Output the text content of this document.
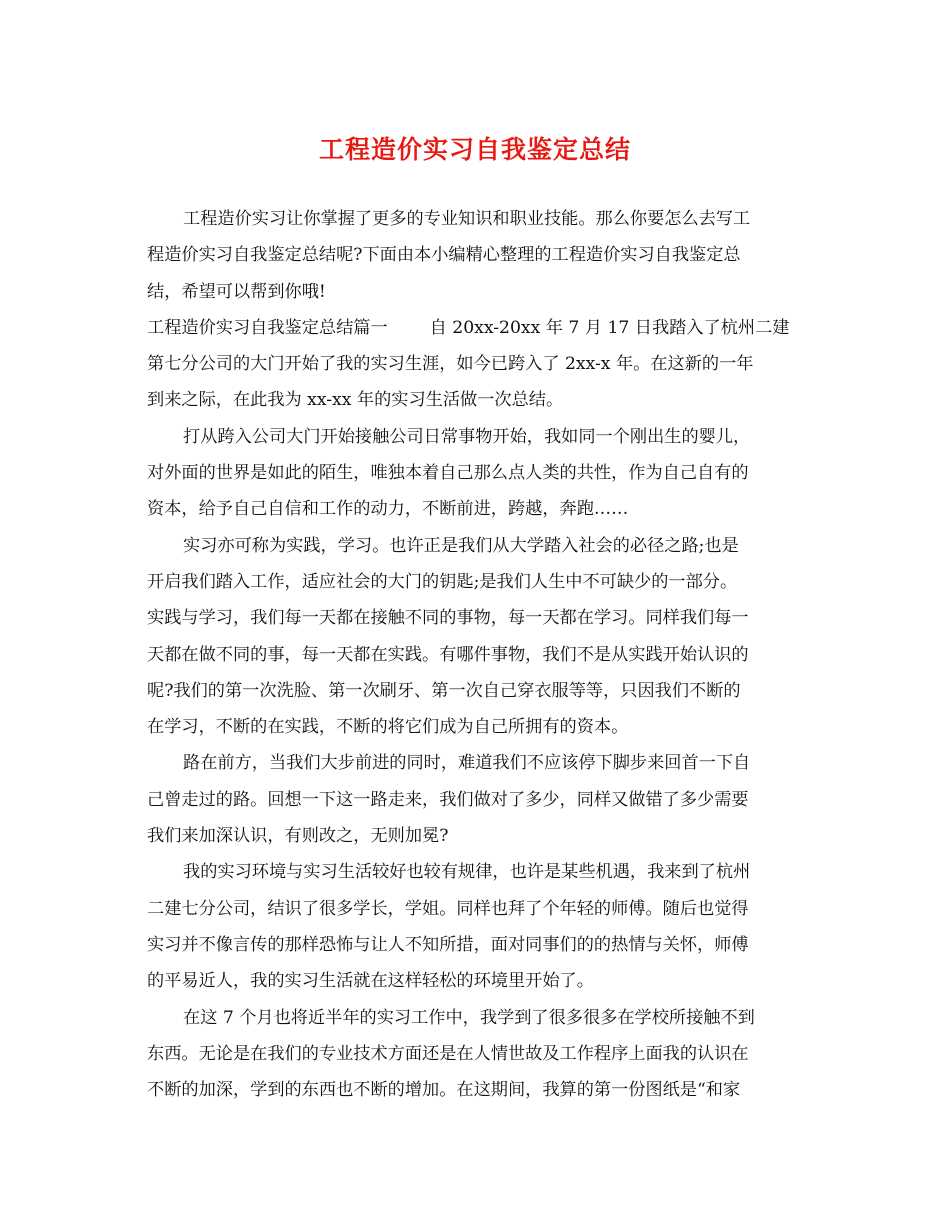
工程造价实习自我鉴定总结
工程造价实习让你掌握了更多的专业知识和职业技能。那么你要怎么去写工
程造价实习自我鉴定总结呢?下面由本小编精心整理的工程造价实习自我鉴定总
结，希望可以帮到你哦!
工程造价实习自我鉴定总结篇一 自 20xx-20xx 年 7 月 17 日我踏入了杭州二建
第七分公司的大门开始了我的实习生涯，如今已跨入了 2xx-x 年。在这新的一年
到来之际，在此我为 xx-xx 年的实习生活做一次总结。
打从跨入公司大门开始接触公司日常事物开始，我如同一个刚出生的婴儿，
对外面的世界是如此的陌生，唯独本着自己那么点人类的共性，作为自己自有的
资本，给予自己自信和工作的动力，不断前进，跨越，奔跑……
实习亦可称为实践，学习。也许正是我们从大学踏入社会的必径之路;也是
开启我们踏入工作，适应社会的大门的钥匙;是我们人生中不可缺少的一部分。
实践与学习，我们每一天都在接触不同的事物，每一天都在学习。同样我们每一
天都在做不同的事，每一天都在实践。有哪件事物，我们不是从实践开始认识的
呢?我们的第一次洗脸、第一次刷牙、第一次自己穿衣服等等，只因我们不断的
在学习，不断的在实践，不断的将它们成为自己所拥有的资本。
路在前方，当我们大步前进的同时，难道我们不应该停下脚步来回首一下自
己曾走过的路。回想一下这一路走来，我们做对了多少，同样又做错了多少需要
我们来加深认识，有则改之，无则加冕?
我的实习环境与实习生活较好也较有规律，也许是某些机遇，我来到了杭州
二建七分公司，结识了很多学长，学姐。同样也拜了个年轻的师傅。随后也觉得
实习并不像言传的那样恐怖与让人不知所措，面对同事们的的热情与关怀，师傅
的平易近人，我的实习生活就在这样轻松的环境里开始了。
在这 7 个月也将近半年的实习工作中，我学到了很多很多在学校所接触不到
东西。无论是在我们的专业技术方面还是在人情世故及工作程序上面我的认识在
不断的加深，学到的东西也不断的增加。在这期间，我算的第一份图纸是“和家
